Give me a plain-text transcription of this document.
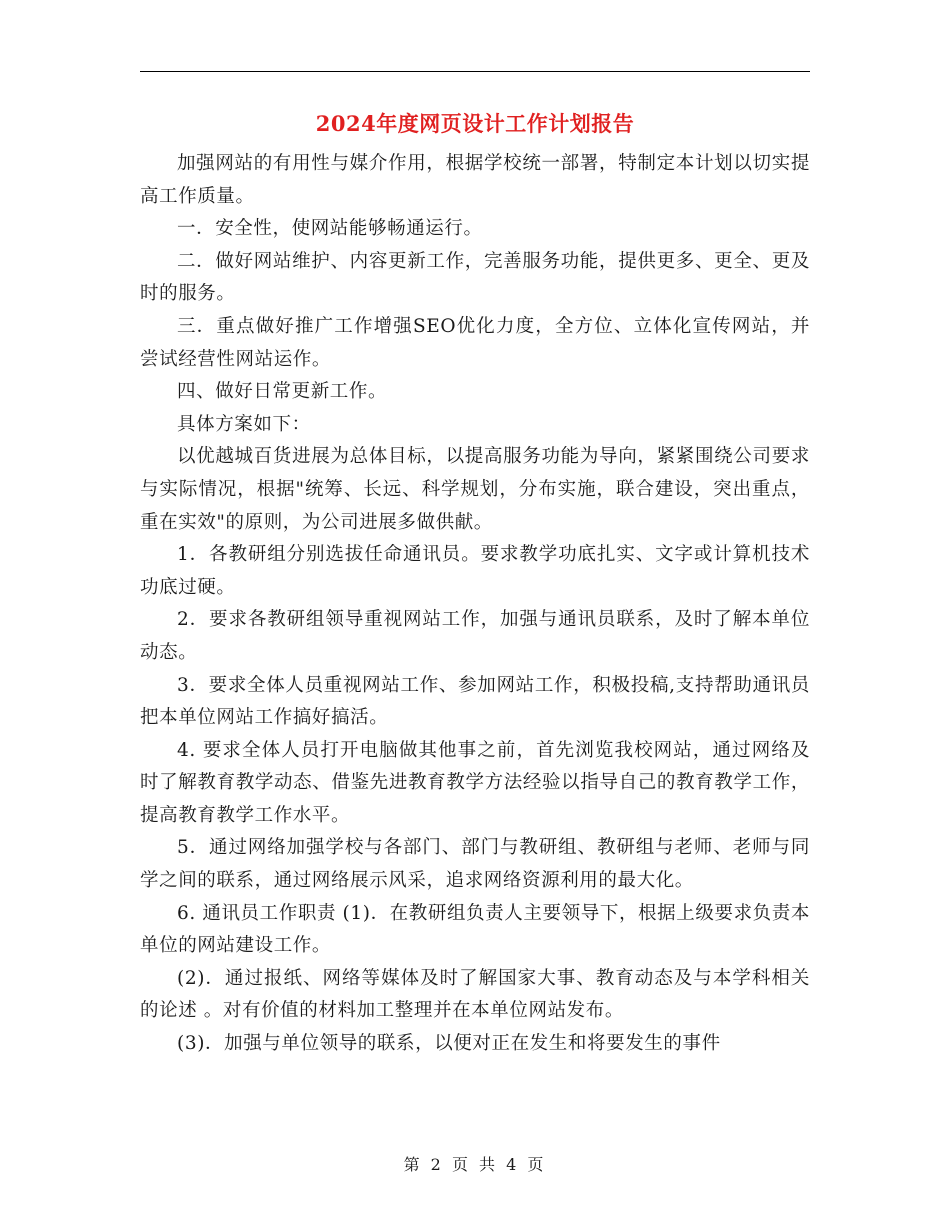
2024年度网页设计工作计划报告

加强网站的有用性与媒介作用，根据学校统一部署，特制定本计划以切实提高工作质量。

一．安全性，使网站能够畅通运行。

二．做好网站维护、内容更新工作，完善服务功能，提供更多、更全、更及时的服务。

三．重点做好推广工作增强SEO优化力度，全方位、立体化宣传网站，并尝试经营性网站运作。

四、做好日常更新工作。

具体方案如下：

以优越城百货进展为总体目标，以提高服务功能为导向，紧紧围绕公司要求与实际情况，根据"统筹、长远、科学规划，分布实施，联合建设，突出重点，重在实效"的原则，为公司进展多做供献。

1．各教研组分别选拔任命通讯员。要求教学功底扎实、文字或计算机技术功底过硬。

2．要求各教研组领导重视网站工作，加强与通讯员联系，及时了解本单位动态。

3．要求全体人员重视网站工作、参加网站工作，积极投稿,支持帮助通讯员把本单位网站工作搞好搞活。

4. 要求全体人员打开电脑做其他事之前，首先浏览我校网站，通过网络及时了解教育教学动态、借鉴先进教育教学方法经验以指导自己的教育教学工作，提高教育教学工作水平。

5．通过网络加强学校与各部门、部门与教研组、教研组与老师、老师与同学之间的联系，通过网络展示风采，追求网络资源利用的最大化。

6. 通讯员工作职责 (1)．在教研组负责人主要领导下，根据上级要求负责本单位的网站建设工作。

(2)．通过报纸、网络等媒体及时了解国家大事、教育动态及与本学科相关的论述 。对有价值的材料加工整理并在本单位网站发布。

(3)．加强与单位领导的联系，以便对正在发生和将要发生的事件

第 2 页 共 4 页
